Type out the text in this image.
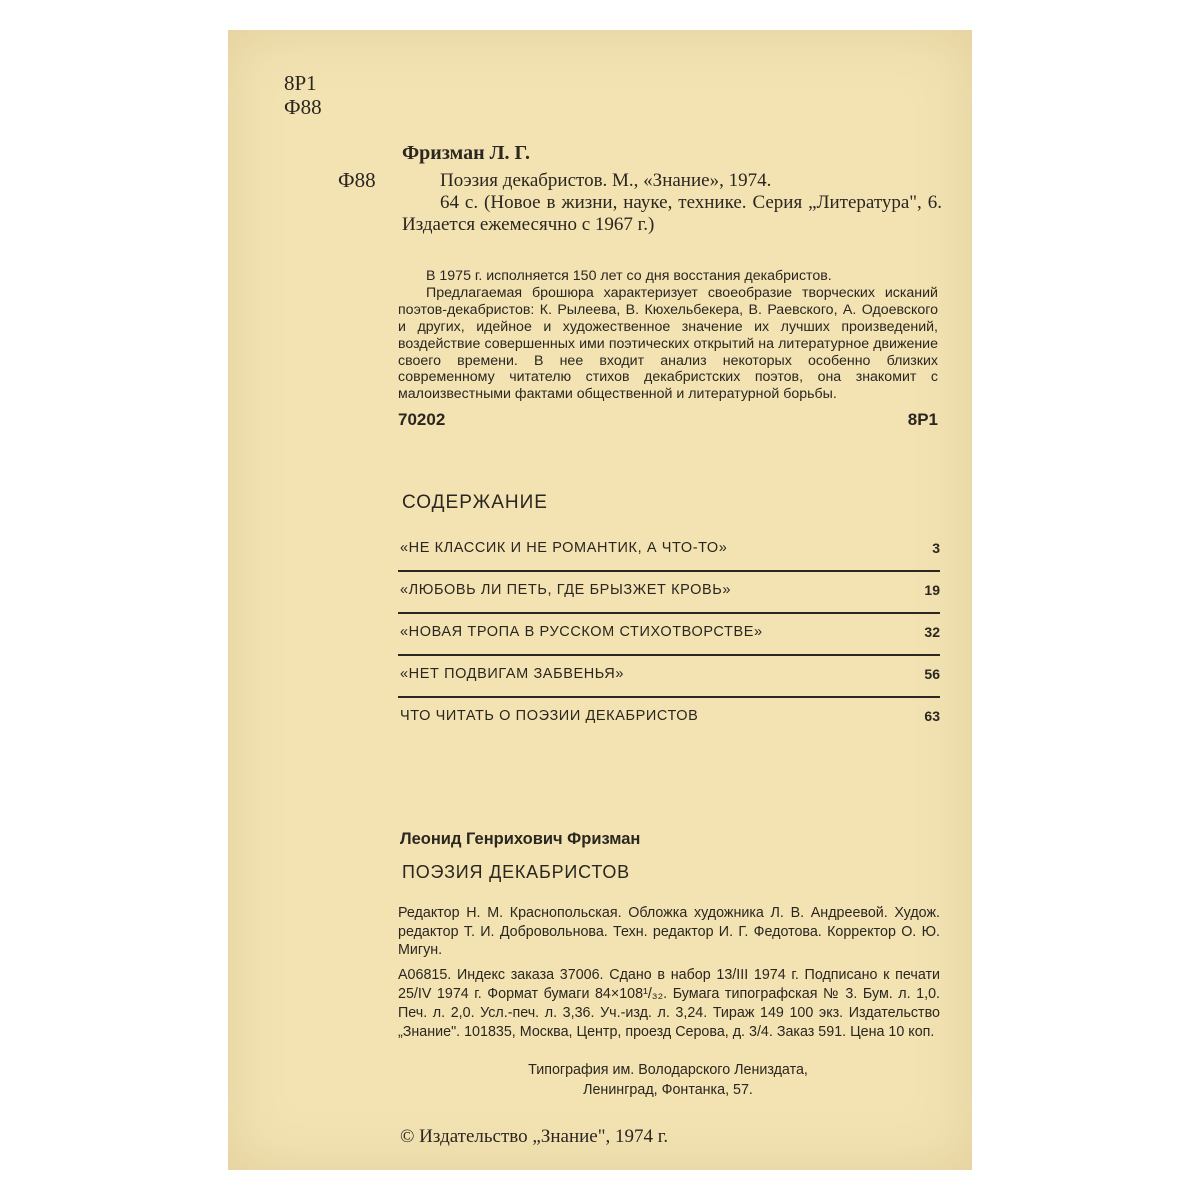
8Р1
Ф88
Фризман Л. Г.
Ф88	Поэзия декабристов. М., «Знание», 1974.

64 с. (Новое в жизни, науке, технике. Серия „Литература", 6. Издается ежемесячно с 1967 г.)

В 1975 г. исполняется 150 лет со дня восстания декабристов.

Предлагаемая брошюра характеризует своеобразие творческих исканий поэтов-декабристов: К. Рылеева, В. Кюхельбекера, В. Раевского, А. Одоевского и других, идейное и художественное значение их лучших произведений, воздействие совершенных ими поэтических открытий на литературное движение своего времени. В нее входит анализ некоторых особенно близких современному читателю стихов декабристских поэтов, она знакомит с малоизвестными фактами общественной и литературной борьбы.

70202	8Р1
СОДЕРЖАНИЕ
«НЕ КЛАССИК И НЕ РОМАНТИК, А ЧТО-ТО»	3
«ЛЮБОВЬ ЛИ ПЕТЬ, ГДЕ БРЫЗЖЕТ КРОВЬ»	19
«НОВАЯ ТРОПА В РУССКОМ СТИХОТВОРСТВЕ»	32
«НЕТ ПОДВИГАМ ЗАБВЕНЬЯ»	56
ЧТО ЧИТАТЬ О ПОЭЗИИ ДЕКАБРИСТОВ	63
Леонид Генрихович Фризман
ПОЭЗИЯ ДЕКАБРИСТОВ
Редактор Н. М. Краснопольская. Обложка художника Л. В. Андреевой. Худож. редактор Т. И. Добровольнова. Техн. редактор И. Г. Федотова. Корректор О. Ю. Мигун.
А06815. Индекс заказа 37006. Сдано в набор 13/III 1974 г. Подписано к печати 25/IV 1974 г. Формат бумаги 84×108¹/₃₂. Бумага типографская № 3. Бум. л. 1,0. Печ. л. 2,0. Усл.-печ. л. 3,36. Уч.-изд. л. 3,24. Тираж 149 100 экз. Издательство „Знание". 101835, Москва, Центр, проезд Серова, д. 3/4. Заказ 591. Цена 10 коп.
Типография им. Володарского Лениздата,
Ленинград, Фонтанка, 57.
© Издательство „Знание", 1974 г.
